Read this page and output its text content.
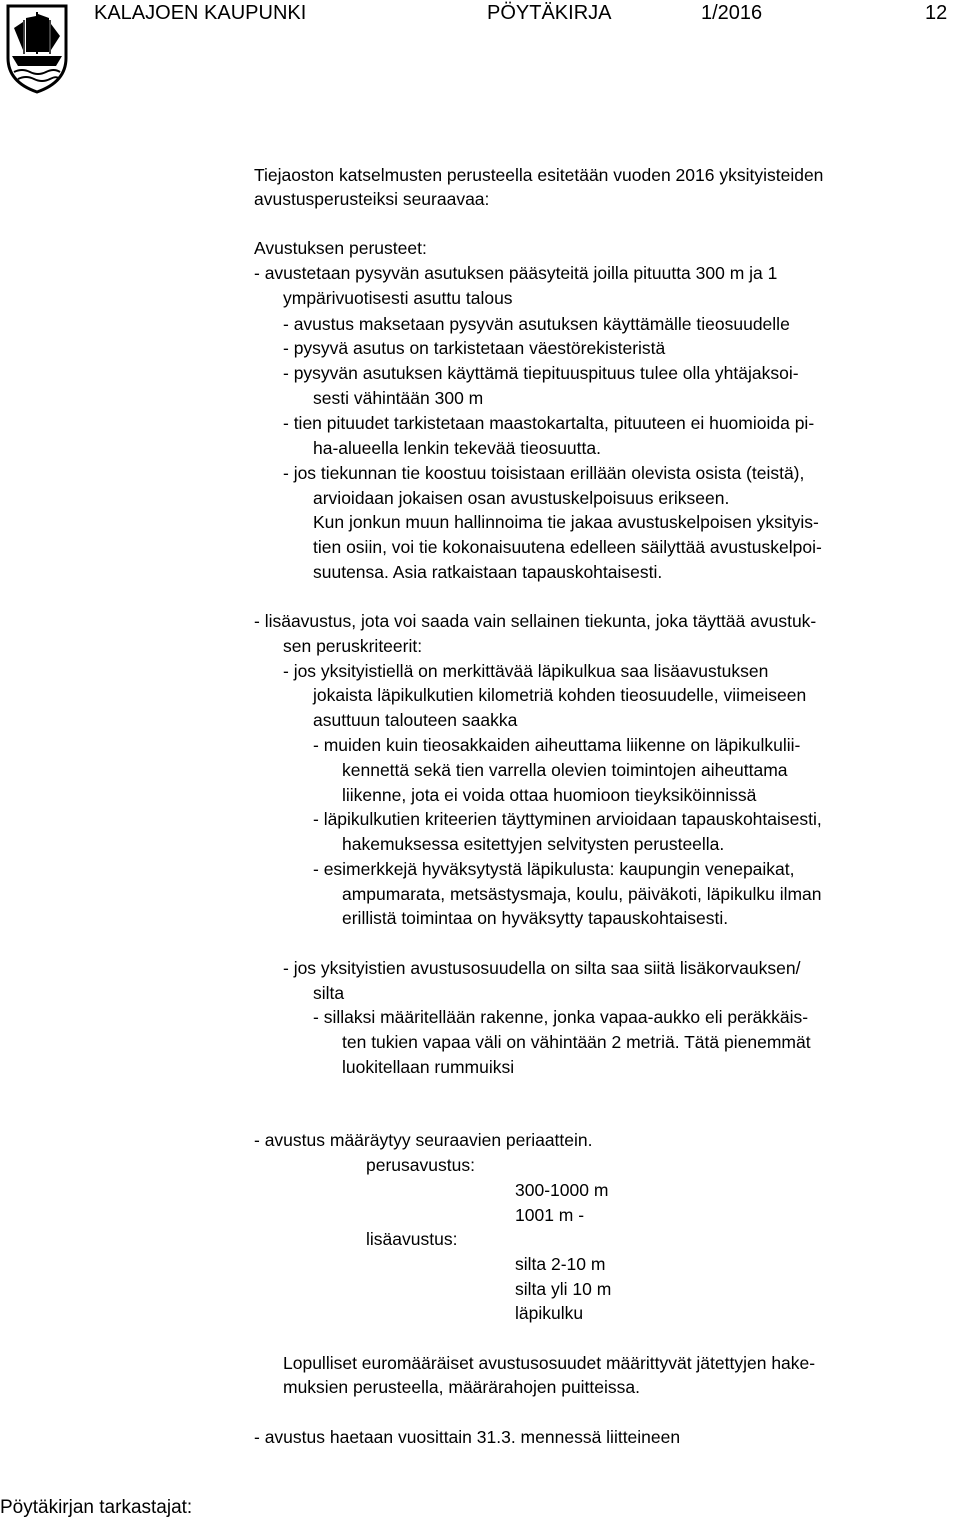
KALAJOEN KAUPUNKI	PÖYTÄKIRJA	1/2016	12
Tiejaoston katselmusten perusteella esitetään vuoden 2016 yksityisteiden
avustusperusteiksi seuraavaa:
Avustuksen perusteet:
- avustetaan pysyvän asutuksen pääsyteitä joilla pituutta 300 m ja 1
ympärivuotisesti asuttu talous
- avustus maksetaan pysyvän asutuksen käyttämälle tieosuudelle
- pysyvä asutus on tarkistetaan väestörekisteristä
- pysyvän asutuksen käyttämä tiepituuspituus tulee olla yhtäjaksoi-
sesti vähintään 300 m
- tien pituudet tarkistetaan maastokartalta, pituuteen ei huomioida pi-
ha-alueella lenkin tekevää tieosuutta.
- jos tiekunnan tie koostuu toisistaan erillään olevista osista (teistä),
arvioidaan jokaisen osan avustuskelpoisuus erikseen.
Kun jonkun muun hallinnoima tie jakaa avustuskelpoisen yksityis-
tien osiin, voi tie kokonaisuutena edelleen säilyttää avustuskelpoi-
suutensa. Asia ratkaistaan tapauskohtaisesti.
- lisäavustus, jota voi saada vain sellainen tiekunta, joka täyttää avustuk-
sen peruskriteerit:
- jos yksityistiellä on merkittävää läpikulkua saa lisäavustuksen
jokaista läpikulkutien kilometriä kohden tieosuudelle, viimeiseen
asuttuun talouteen saakka
- muiden kuin tieosakkaiden aiheuttama liikenne on läpikulkulii-
kennettä sekä tien varrella olevien toimintojen aiheuttama
liikenne, jota ei voida ottaa huomioon tieyksiköinnissä
- läpikulkutien kriteerien täyttyminen arvioidaan tapauskohtaisesti,
hakemuksessa esitettyjen selvitysten perusteella.
- esimerkkejä hyväksytystä läpikulusta: kaupungin venepaikat,
ampumarata, metsästysmaja, koulu, päiväkoti, läpikulku ilman
erillistä toimintaa on hyväksytty tapauskohtaisesti.
- jos yksityistien avustusosuudella on silta saa siitä lisäkorvauksen/
silta
- sillaksi määritellään rakenne, jonka vapaa-aukko eli peräkkäis-
ten tukien vapaa väli on vähintään 2 metriä. Tätä pienemmät
luokitellaan rummuiksi
- avustus määräytyy seuraavien periaattein.
perusavustus:
300-1000 m
1001 m -
lisäavustus:
silta 2-10 m
silta yli 10 m
läpikulku
Lopulliset euromääräiset avustusosuudet määrittyvät jätettyjen hake-
muksien perusteella, määrärahojen puitteissa.
- avustus haetaan vuosittain 31.3. mennessä liitteineen
Pöytäkirjan tarkastajat:
